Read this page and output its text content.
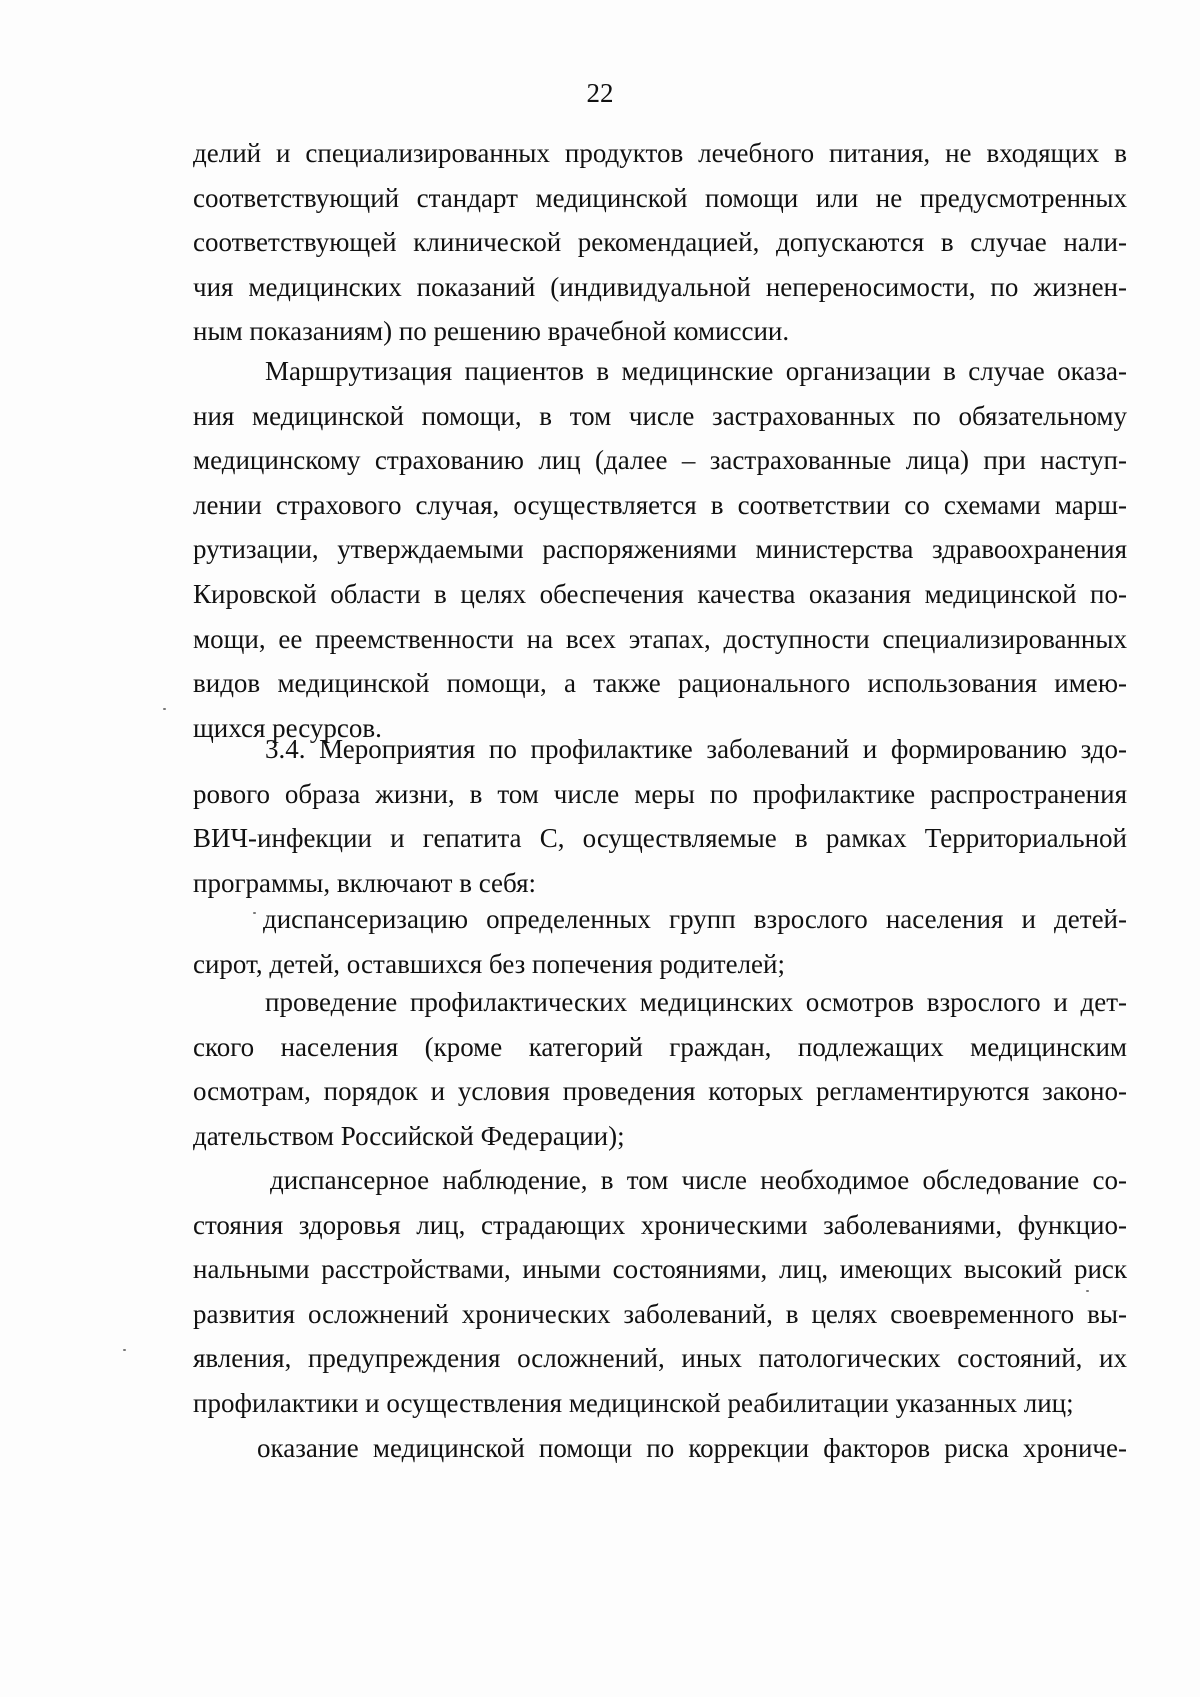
22
делий и специализированных продуктов лечебного питания, не входящих в
соответствующий стандарт медицинской помощи или не предусмотренных
соответствующей клинической рекомендацией, допускаются в случае нали-
чия медицинских показаний (индивидуальной непереносимости, по жизнен-
ным показаниям) по решению врачебной комиссии.
Маршрутизация пациентов в медицинские организации в случае оказа-
ния медицинской помощи, в том числе застрахованных по обязательному
медицинскому страхованию лиц (далее – застрахованные лица) при наступ-
лении страхового случая, осуществляется в соответствии со схемами марш-
рутизации, утверждаемыми распоряжениями министерства здравоохранения
Кировской области в целях обеспечения качества оказания медицинской по-
мощи, ее преемственности на всех этапах, доступности специализированных
видов медицинской помощи, а также рационального использования имею-
щихся ресурсов.
3.4. Мероприятия по профилактике заболеваний и формированию здо-
рового образа жизни, в том числе меры по профилактике распространения
ВИЧ-инфекции и гепатита С, осуществляемые в рамках Территориальной
программы, включают в себя:
диспансеризацию определенных групп взрослого населения и детей-
сирот, детей, оставшихся без попечения родителей;
проведение профилактических медицинских осмотров взрослого и дет-
ского населения (кроме категорий граждан, подлежащих медицинским
осмотрам, порядок и условия проведения которых регламентируются законо-
дательством Российской Федерации);
диспансерное наблюдение, в том числе необходимое обследование со-
стояния здоровья лиц, страдающих хроническими заболеваниями, функцио-
нальными расстройствами, иными состояниями, лиц, имеющих высокий риск
развития осложнений хронических заболеваний, в целях своевременного вы-
явления, предупреждения осложнений, иных патологических состояний, их
профилактики и осуществления медицинской реабилитации указанных лиц;
оказание медицинской помощи по коррекции факторов риска хрониче-
